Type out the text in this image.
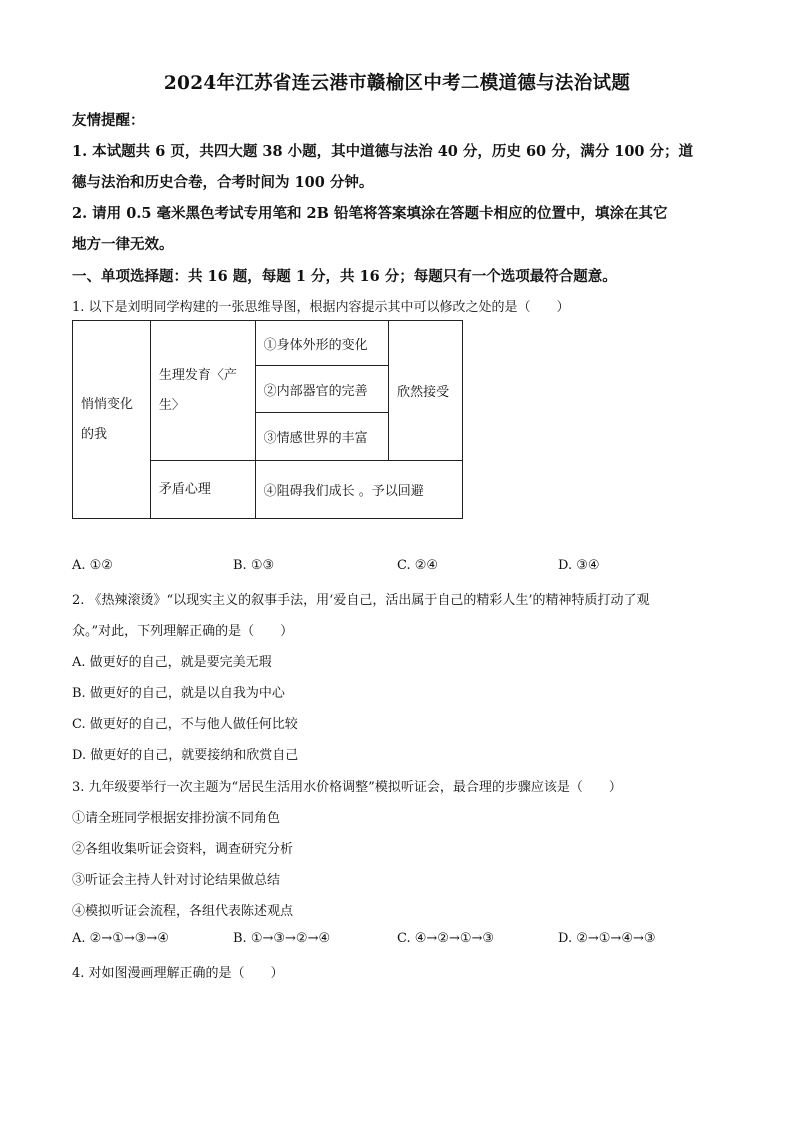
2024年江苏省连云港市赣榆区中考二模道德与法治试题
友情提醒：
1. 本试题共 6 页，共四大题 38 小题，其中道德与法治 40 分，历史 60 分，满分 100 分；道
德与法治和历史合卷，合考时间为 100 分钟。
2. 请用 0.5 毫米黑色考试专用笔和 2B 铅笔将答案填涂在答题卡相应的位置中，填涂在其它
地方一律无效。
一、单项选择题：共 16 题，每题 1 分，共 16 分；每题只有一个选项最符合题意。
1. 以下是刘明同学构建的一张思维导图，根据内容提示其中可以修改之处的是（　　）
悄悄变化的我	生理发育〈产生〉	①身体外形的变化	欣然接受
		②内部器官的完善	
		③情感世界的丰富	
	矛盾心理	④阻碍我们成长 。予以回避	
A. ①②	B. ①③	C. ②④	D. ③④
2. 《热辣滚烫》“以现实主义的叙事手法，用‘爱自己，活出属于自己的精彩人生’的精神特质打动了观
众。”对此，下列理解正确的是（　　）
A. 做更好的自己，就是要完美无瑕
B. 做更好的自己，就是以自我为中心
C. 做更好的自己，不与他人做任何比较
D. 做更好的自己，就要接纳和欣赏自己
3. 九年级要举行一次主题为“居民生活用水价格调整”模拟听证会，最合理的步骤应该是（　　）
①请全班同学根据安排扮演不同角色
②各组收集听证会资料，调查研究分析
③听证会主持人针对讨论结果做总结
④模拟听证会流程，各组代表陈述观点
A. ②→①→③→④	B. ①→③→②→④	C. ④→②→①→③	D. ②→①→④→③
4. 对如图漫画理解正确的是（　　）
